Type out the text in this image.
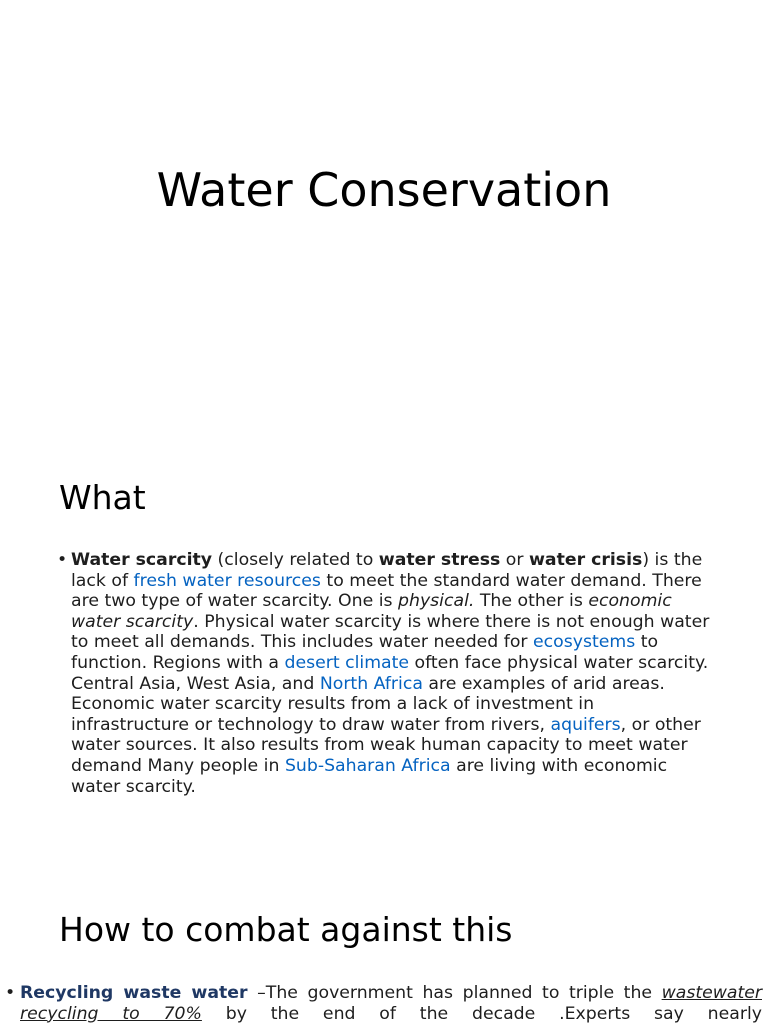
Water Conservation
What
• Water scarcity (closely related to water stress or water crisis) is the lack of fresh water resources to meet the standard water demand. There are two type of water scarcity. One is physical. The other is economic water scarcity. Physical water scarcity is where there is not enough water to meet all demands. This includes water needed for ecosystems to function. Regions with a desert climate often face physical water scarcity. Central Asia, West Asia, and North Africa are examples of arid areas. Economic water scarcity results from a lack of investment in infrastructure or technology to draw water from rivers, aquifers, or other water sources. It also results from weak human capacity to meet water demand Many people in Sub-Saharan Africa are living with economic water scarcity.
How to combat against this
• Recycling waste water –The government has planned to triple the wastewater recycling to 70% by the end of the decade .Experts say nearly
